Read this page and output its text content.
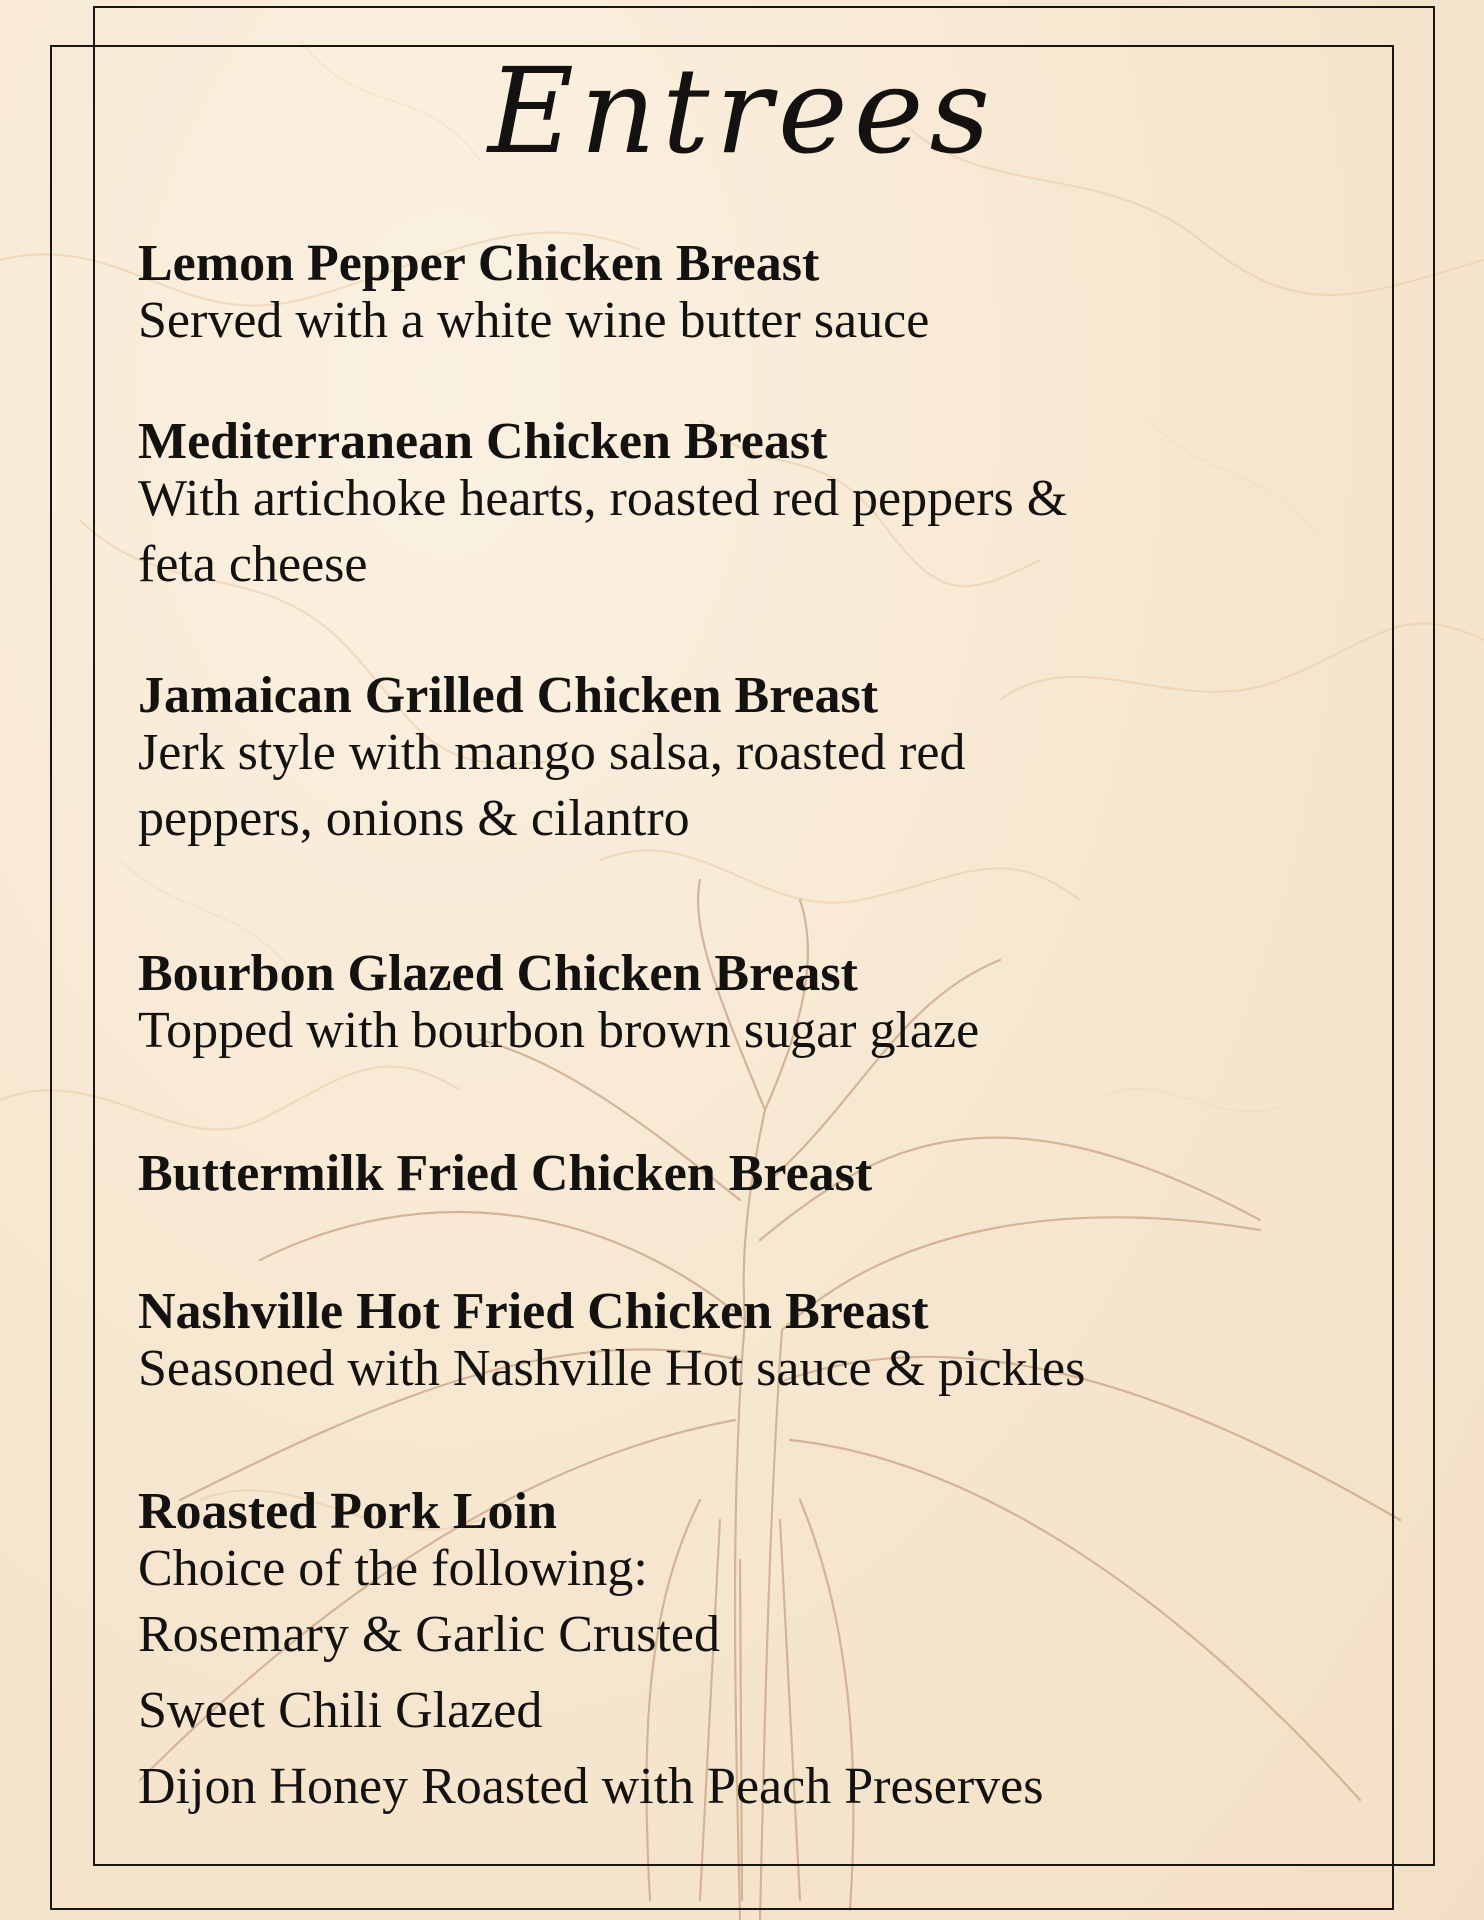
Entrees
Lemon Pepper Chicken Breast
Served with a white wine butter sauce
Mediterranean Chicken Breast
With artichoke hearts, roasted red peppers &
feta cheese
Jamaican Grilled Chicken Breast
Jerk style with mango salsa, roasted red
peppers, onions & cilantro
Bourbon Glazed Chicken Breast
Topped with bourbon brown sugar glaze
Buttermilk Fried Chicken Breast
Nashville Hot Fried Chicken Breast
Seasoned with Nashville Hot sauce & pickles
Roasted Pork Loin
Choice of the following:
Rosemary & Garlic Crusted
Sweet Chili Glazed
Dijon Honey Roasted with Peach Preserves
